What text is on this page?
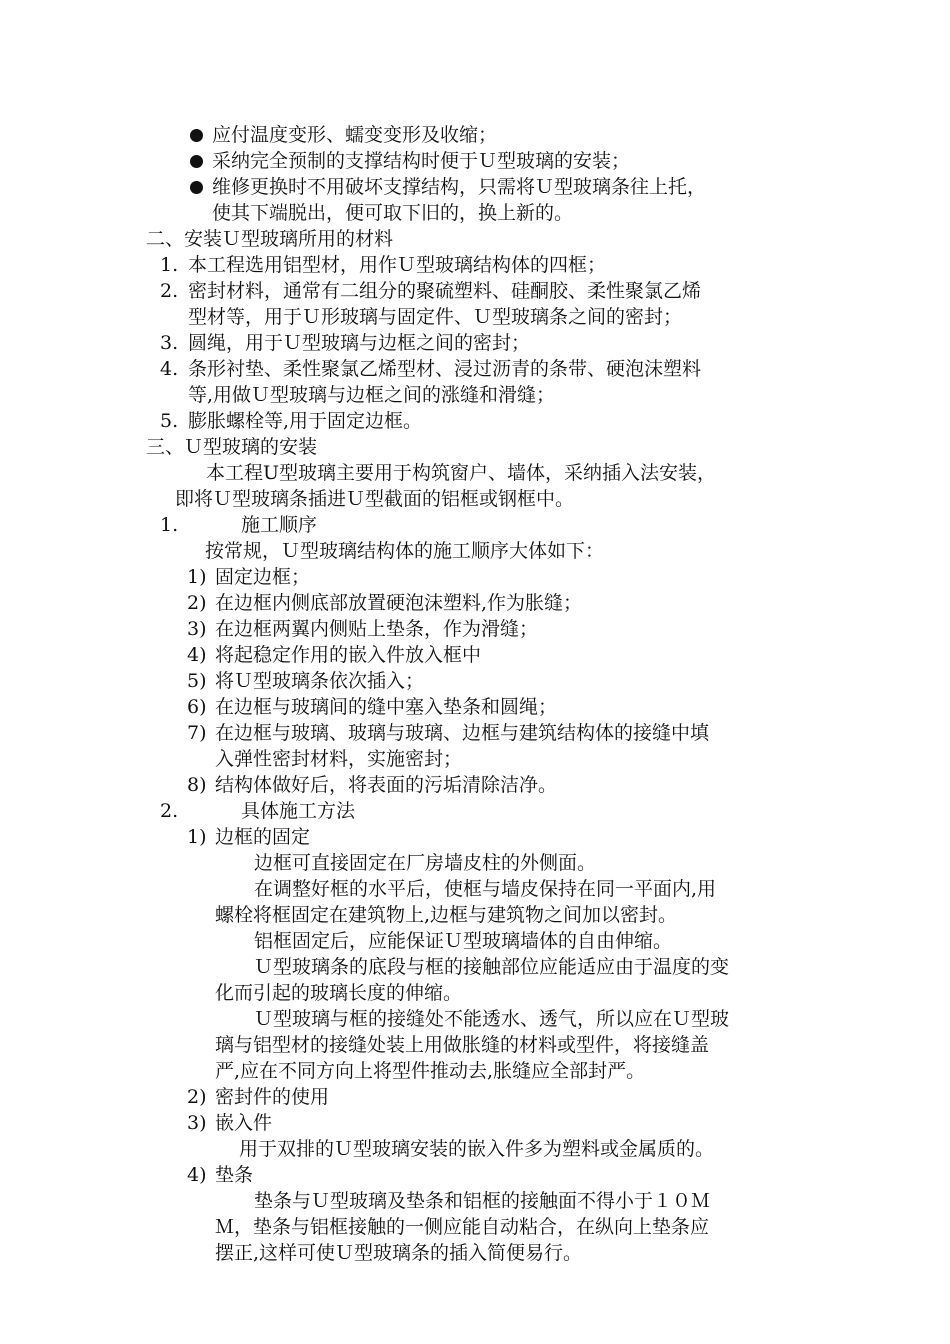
应付温度变形、蠕变变形及收缩；
采纳完全预制的支撑结构时便于Ｕ型玻璃的安装；
维修更换时不用破坏支撑结构，只需将Ｕ型玻璃条往上托，
使其下端脱出，便可取下旧的，换上新的。
二、安装Ｕ型玻璃所用的材料
1. 本工程选用铝型材，用作Ｕ型玻璃结构体的四框；
2. 密封材料，通常有二组分的聚硫塑料、硅酮胶、柔性聚氯乙烯
型材等，用于Ｕ形玻璃与固定件、Ｕ型玻璃条之间的密封；
3. 圆绳，用于Ｕ型玻璃与边框之间的密封；
4. 条形衬垫、柔性聚氯乙烯型材、浸过沥青的条带、硬泡沫塑料
等,用做Ｕ型玻璃与边框之间的涨缝和滑缝；
5. 膨胀螺栓等,用于固定边框。
三、Ｕ型玻璃的安装
本工程U型玻璃主要用于构筑窗户、墙体，采纳插入法安装，
即将Ｕ型玻璃条插进Ｕ型截面的铝框或钢框中。
1.	施工顺序
按常规，Ｕ型玻璃结构体的施工顺序大体如下：
1) 固定边框；
2) 在边框内侧底部放置硬泡沫塑料,作为胀缝；
3) 在边框两翼内侧贴上垫条，作为滑缝；
4) 将起稳定作用的嵌入件放入框中
5) 将Ｕ型玻璃条依次插入；
6) 在边框与玻璃间的缝中塞入垫条和圆绳；
7) 在边框与玻璃、玻璃与玻璃、边框与建筑结构体的接缝中填
入弹性密封材料，实施密封；
8) 结构体做好后，将表面的污垢清除洁净。
2.	具体施工方法
1) 边框的固定
边框可直接固定在厂房墙皮柱的外侧面。
在调整好框的水平后，使框与墙皮保持在同一平面内,用
螺栓将框固定在建筑物上,边框与建筑物之间加以密封。
铝框固定后，应能保证Ｕ型玻璃墙体的自由伸缩。
Ｕ型玻璃条的底段与框的接触部位应能适应由于温度的变
化而引起的玻璃长度的伸缩。
Ｕ型玻璃与框的接缝处不能透水、透气，所以应在Ｕ型玻
璃与铝型材的接缝处装上用做胀缝的材料或型件，将接缝盖
严,应在不同方向上将型件推动去,胀缝应全部封严。
2) 密封件的使用
3) 嵌入件
用于双排的Ｕ型玻璃安装的嵌入件多为塑料或金属质的。
4) 垫条
垫条与Ｕ型玻璃及垫条和铝框的接触面不得小于１０Ｍ
Ｍ，垫条与铝框接触的一侧应能自动粘合，在纵向上垫条应
摆正,这样可使Ｕ型玻璃条的插入简便易行。
